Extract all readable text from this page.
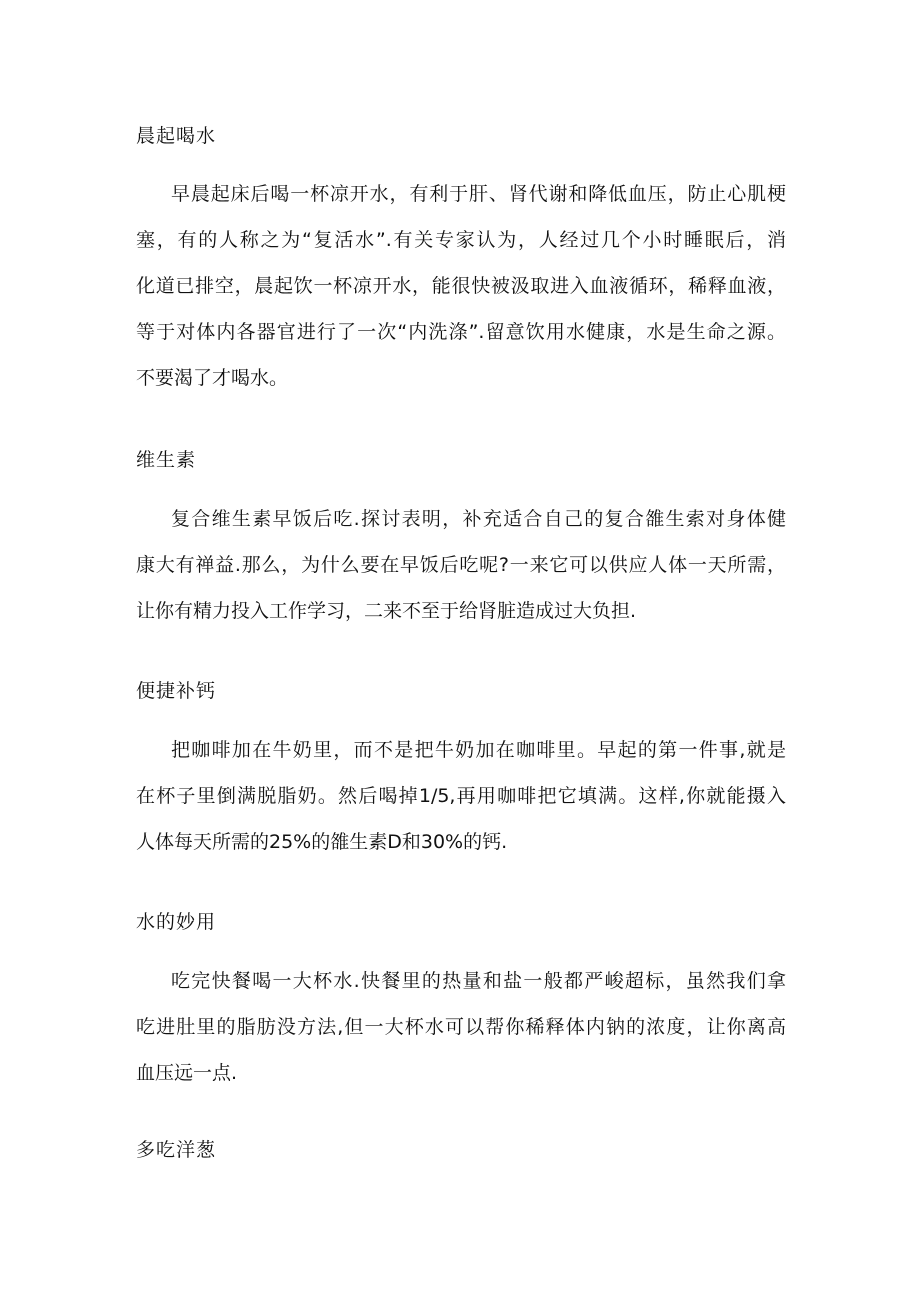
晨起喝水
早晨起床后喝一杯凉开水，有利于肝、肾代谢和降低血压，防止心肌梗
塞，有的人称之为“复活水”.有关专家认为，人经过几个小时睡眠后，消
化道已排空，晨起饮一杯凉开水，能很快被汲取进入血液循环，稀释血液，
等于对体内各器官进行了一次“内洗涤”.留意饮用水健康，水是生命之源。
不要渴了才喝水。
维生素
复合维生素早饭后吃.探讨表明，补充适合自己的复合雒生索对身体健
康大有禅益.那么，为什么要在早饭后吃呢?一来它可以供应人体一天所需，
让你有精力投入工作学习，二来不至于给肾脏造成过大负担.
便捷补钙
把咖啡加在牛奶里，而不是把牛奶加在咖啡里。早起的第一件事,就是
在杯子里倒满脱脂奶。然后喝掉1/5,再用咖啡把它填满。这样,你就能摄入
人体每天所需的25%的雒生素D和30%的钙.
水的妙用
吃完快餐喝一大杯水.快餐里的热量和盐一般都严峻超标，虽然我们拿
吃进肚里的脂肪没方法,但一大杯水可以帮你稀释体内钠的浓度，让你离高
血压远一点.
多吃洋葱
